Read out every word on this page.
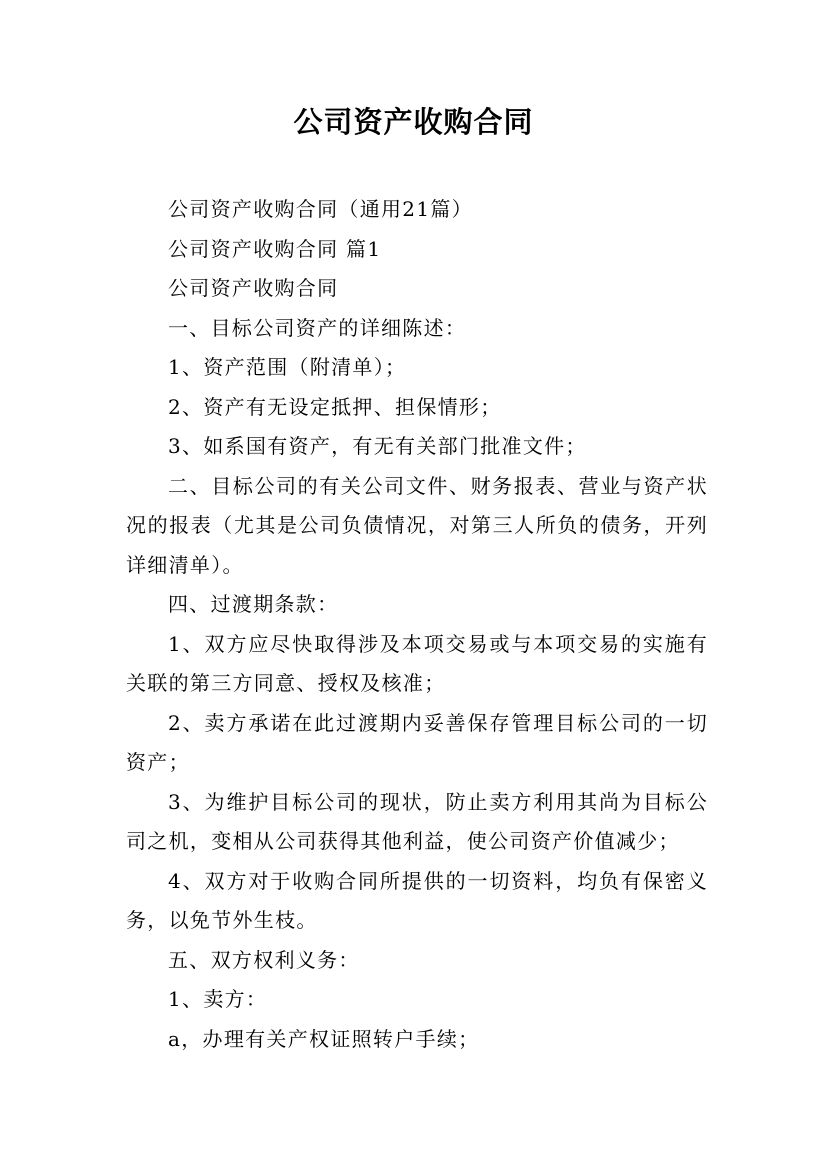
公司资产收购合同

公司资产收购合同（通用21篇）

公司资产收购合同 篇1

公司资产收购合同

一、目标公司资产的详细陈述：

1、资产范围（附清单）；

2、资产有无设定抵押、担保情形；

3、如系国有资产，有无有关部门批准文件；

二、目标公司的有关公司文件、财务报表、营业与资产状况的报表（尤其是公司负债情况，对第三人所负的债务，开列详细清单）。

四、过渡期条款：

1、双方应尽快取得涉及本项交易或与本项交易的实施有关联的第三方同意、授权及核准；

2、卖方承诺在此过渡期内妥善保存管理目标公司的一切资产；

3、为维护目标公司的现状，防止卖方利用其尚为目标公司之机，变相从公司获得其他利益，使公司资产价值减少；

4、双方对于收购合同所提供的一切资料，均负有保密义务，以免节外生枝。

五、双方权利义务：

1、卖方：

a，办理有关产权证照转户手续；
